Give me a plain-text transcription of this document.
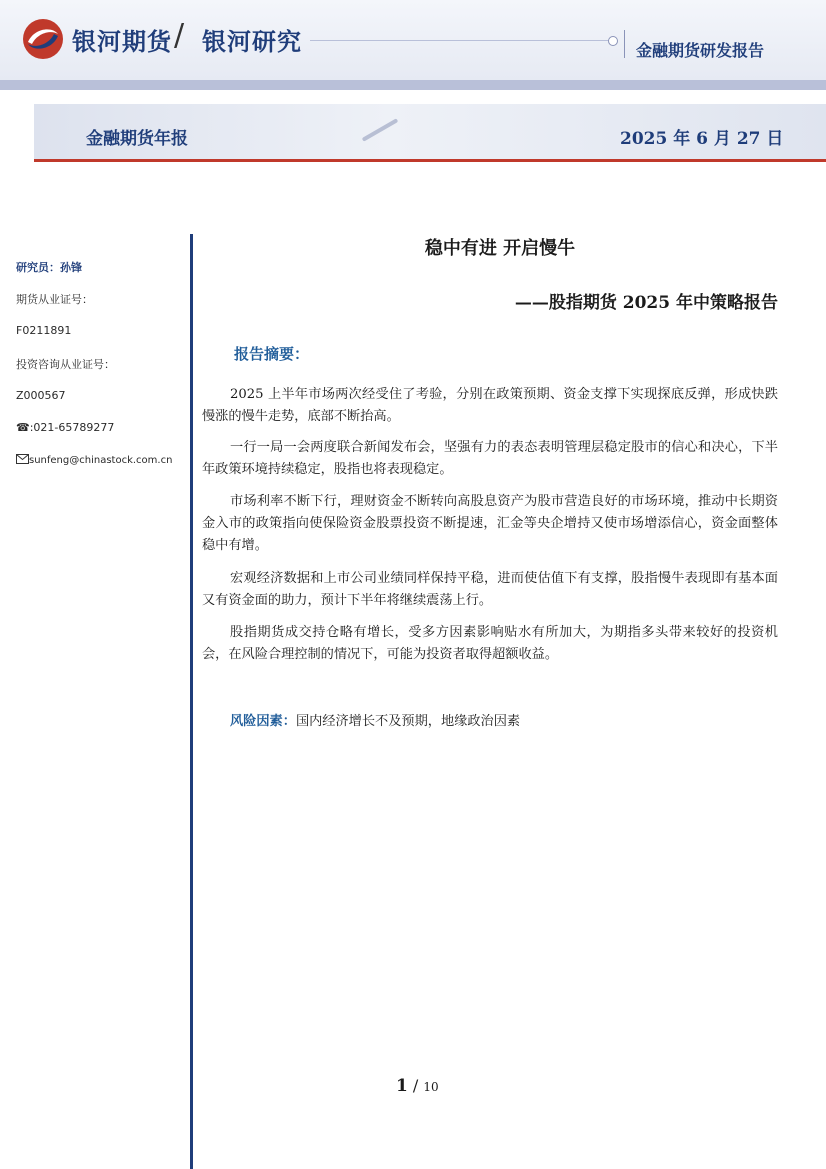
银河期货 / 银河研究	金融期货研发报告
金融期货年报	2025 年 6 月 27 日
研究员：孙锋
期货从业证号：
F0211891
投资咨询从业证号：
Z000567
☎:021-65789277
sunfeng@chinastock.com.cn
稳中有进 开启慢牛
——股指期货 2025 年中策略报告
报告摘要：
2025 上半年市场两次经受住了考验，分别在政策预期、资金支撑下实现探底反弹，形成快跌慢涨的慢牛走势，底部不断抬高。
一行一局一会两度联合新闻发布会，坚强有力的表态表明管理层稳定股市的信心和决心，下半年政策环境持续稳定，股指也将表现稳定。
市场利率不断下行，理财资金不断转向高股息资产为股市营造良好的市场环境，推动中长期资金入市的政策指向使保险资金股票投资不断提速，汇金等央企增持又使市场增添信心，资金面整体稳中有增。
宏观经济数据和上市公司业绩同样保持平稳，进而使估值下有支撑，股指慢牛表现即有基本面又有资金面的助力，预计下半年将继续震荡上行。
股指期货成交持仓略有增长，受多方因素影响贴水有所加大，为期指多头带来较好的投资机会，在风险合理控制的情况下，可能为投资者取得超额收益。
风险因素：国内经济增长不及预期，地缘政治因素
1 / 10
